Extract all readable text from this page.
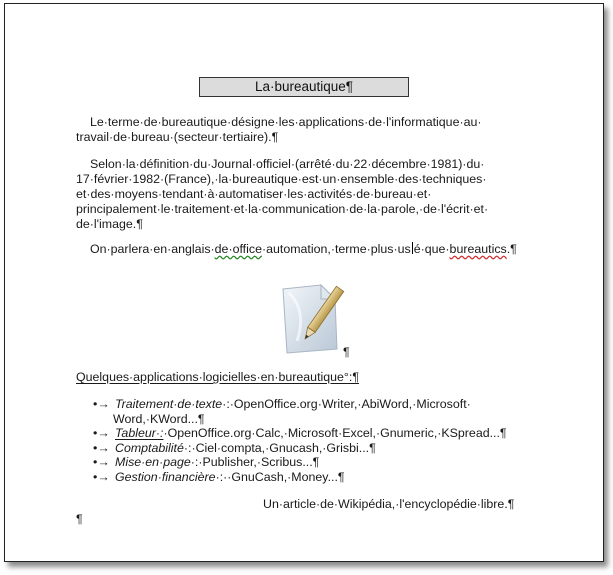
La·bureautique¶

Le·terme·de·bureautique·désigne·les·applications·de·l'informatique·au· travail·de·bureau·(secteur·tertiaire).¶

Selon·la·définition·du·Journal·officiel·(arrêté·du·22·décembre·1981)·du· 17·février·1982·(France),·la·bureautique·est·un·ensemble·des·techniques· et·des·moyens·tendant·à·automatiser·les·activités·de·bureau·et· principalement·le·traitement·et·la·communication·de·la·parole,·de·l'écrit·et· de·l'image.¶

On·parlera·en·anglais·de·office·automation,·terme·plus·us é·que·bureautics.¶

¶
Quelques·applications·logicielles·en·bureautique°:¶
•→ Traitement·de·texte·:·OpenOffice.org·Writer,·AbiWord,·Microsoft·
Word,·KWord...¶
•→ Tableur·:·OpenOffice.org·Calc,·Microsoft·Excel,·Gnumeric,·KSpread...¶
•→ Comptabilité·:·Ciel·compta,·Gnucash,·Grisbi...¶
•→ Mise·en·page·:·Publisher,·Scribus...¶
•→ Gestion·financière·:··GnuCash,·Money...¶
Un·article·de·Wikipédia,·l'encyclopédie·libre.¶
¶
